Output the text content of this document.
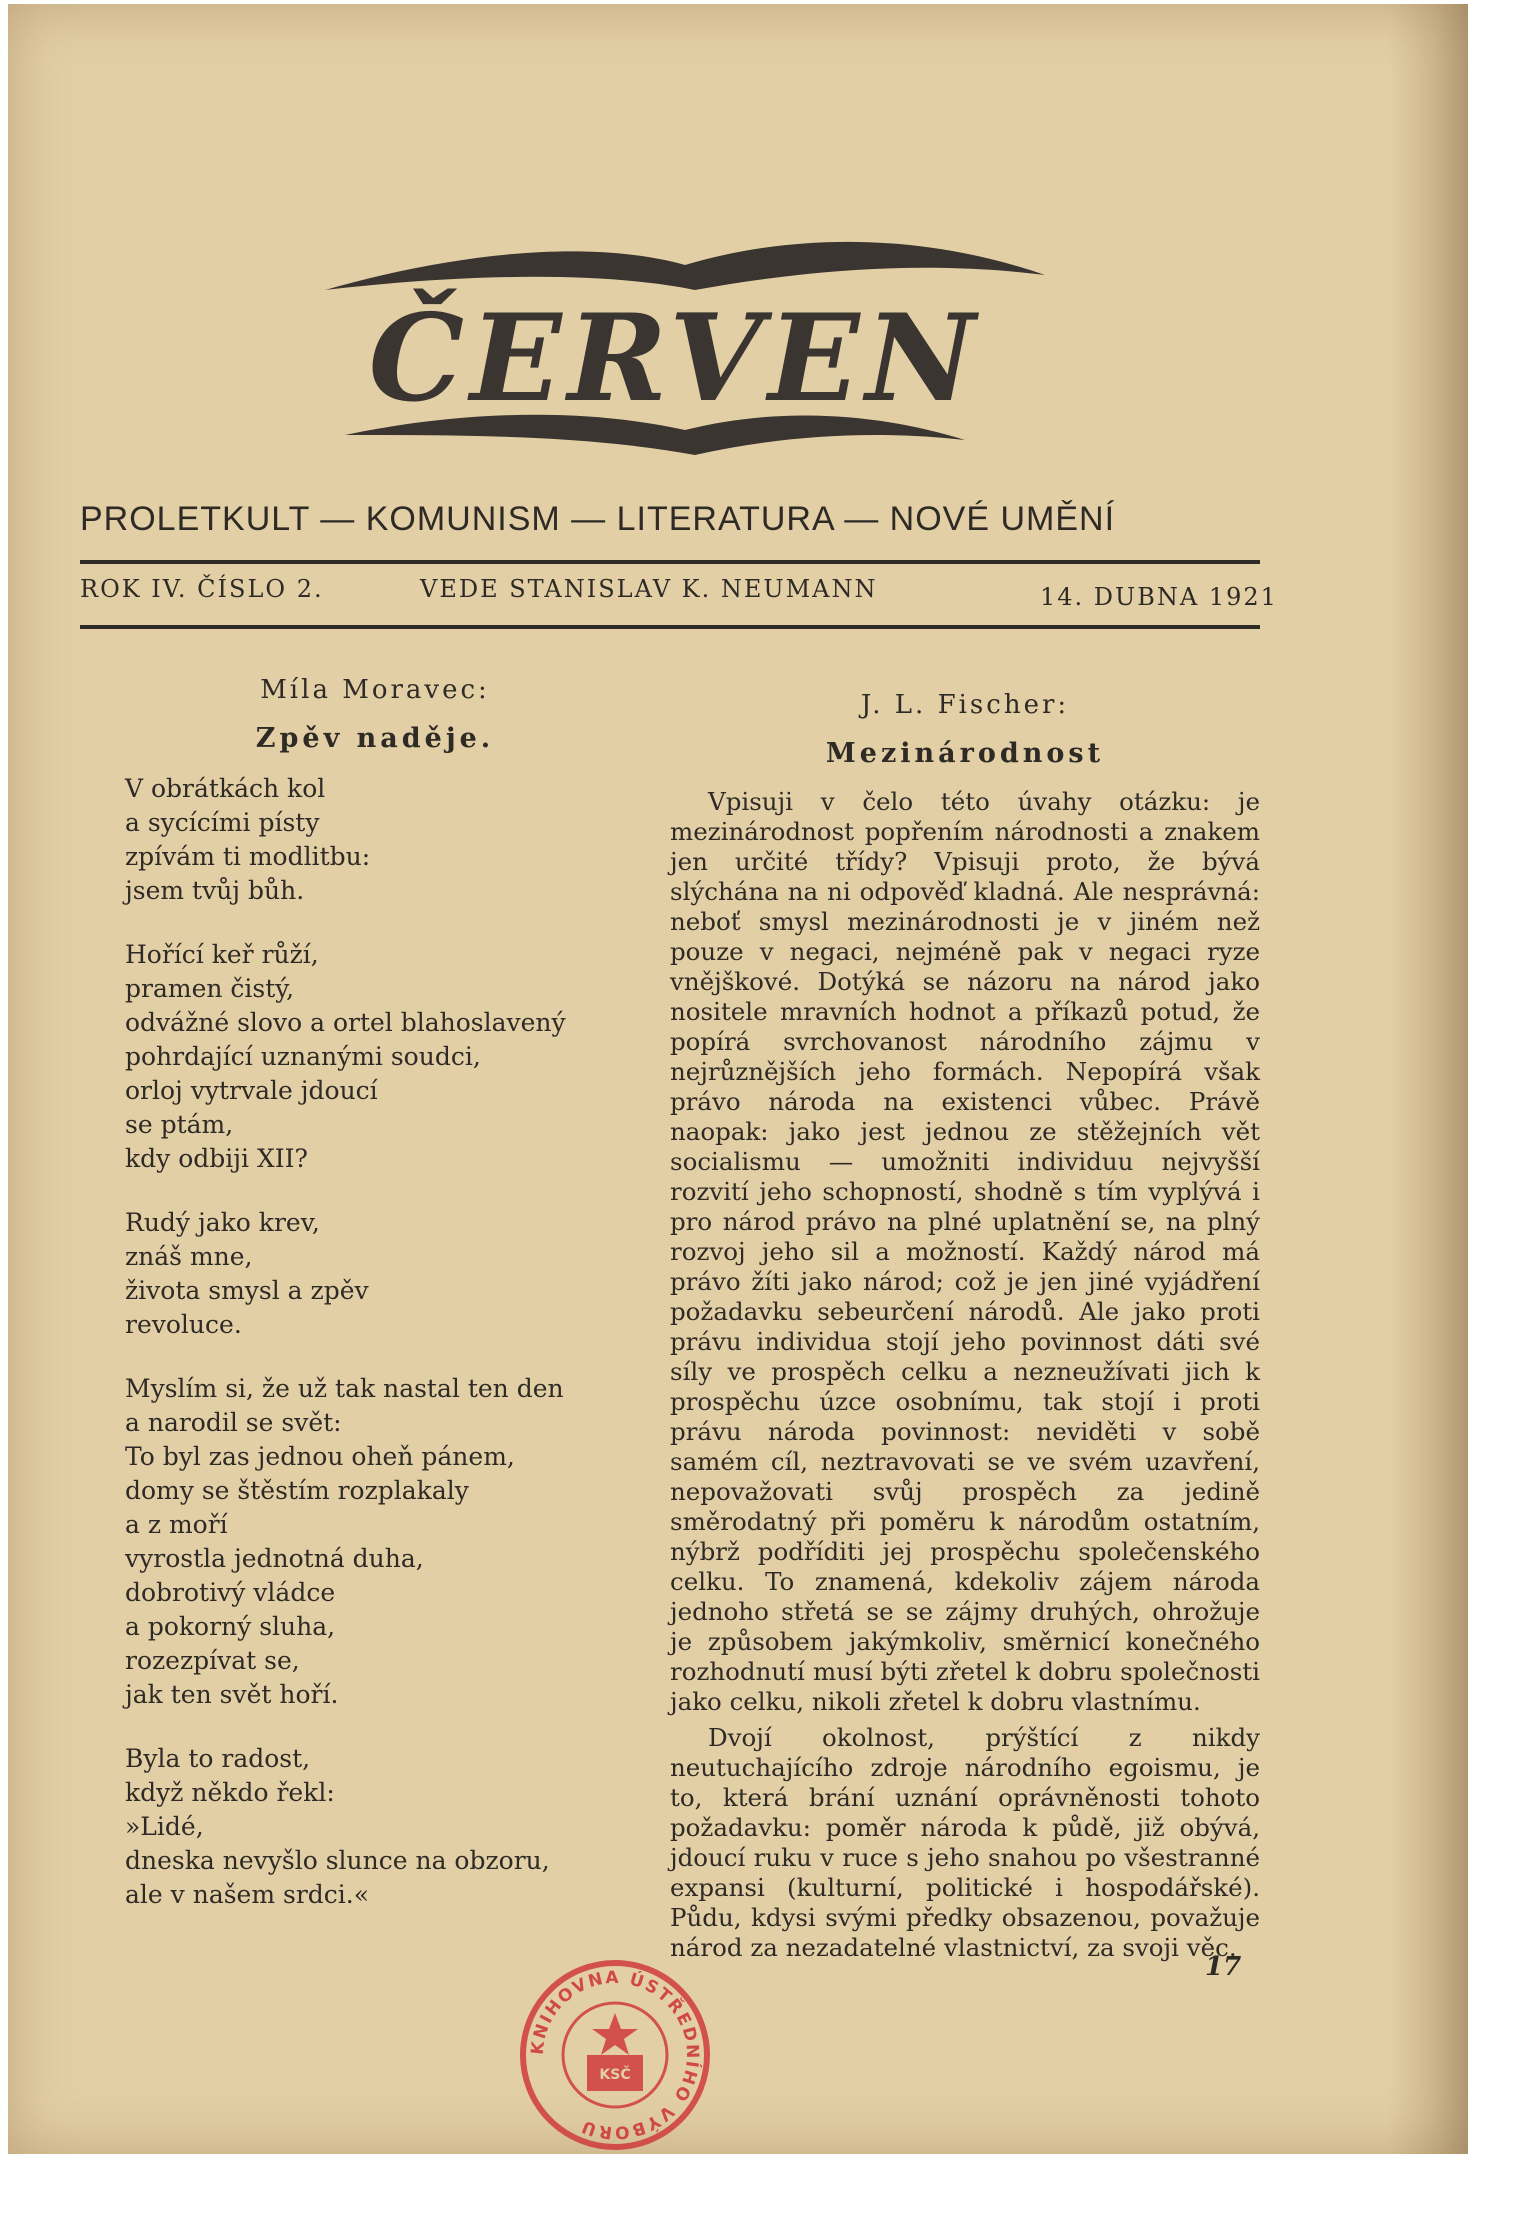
ČERVEN
PROLETKULT — KOMUNISM — LITERATURA — NOVÉ UMĚNÍ
ROK IV. ČÍSLO 2.	VEDE STANISLAV K. NEUMANN	14. DUBNA 1921
Míla Moravec:
Zpěv naděje.
V obrátkách kol
a sycícími písty
zpívám ti modlitbu:
jsem tvůj bůh.
Hořící keř růží,
pramen čistý,
odvážné slovo a ortel blahoslavený
pohrdající uznanými soudci,
orloj vytrvale jdoucí
se ptám,
kdy odbiji XII?
Rudý jako krev,
znáš mne,
života smysl a zpěv
revoluce.
Myslím si, že už tak nastal ten den
a narodil se svět:
To byl zas jednou oheň pánem,
domy se štěstím rozplakaly
a z moří
vyrostla jednotná duha,
dobrotivý vládce
a pokorný sluha,
rozezpívat se,
jak ten svět hoří.
Byla to radost,
když někdo řekl:
»Lidé,
dneska nevyšlo slunce na obzoru,
ale v našem srdci.«
J. L. Fischer:
Mezinárodnost

Vpisuji v čelo této úvahy otázku: je mezinárodnost popřením národnosti a znakem jen určité třídy? Vpisuji proto, že bývá slýchána na ni odpověď kladná. Ale nesprávná: neboť smysl mezinárodnosti je v jiném než pouze v negaci, nejméně pak v negaci ryze vnějškové. Dotýká se názoru na národ jako nositele mravních hodnot a příkazů potud, že popírá svrchovanost národního zájmu v nejrůznějších jeho formách. Nepopírá však právo národa na existenci vůbec. Právě naopak: jako jest jednou ze stěžejních vět socialismu — umožniti individuu nejvyšší rozvití jeho schopností, shodně s tím vyplývá i pro národ právo na plné uplatnění se, na plný rozvoj jeho sil a možností. Každý národ má právo žíti jako národ; což je jen jiné vyjádření požadavku sebeurčení národů. Ale jako proti právu individua stojí jeho povinnost dáti své síly ve prospěch celku a nezneužívati jich k prospěchu úzce osobnímu, tak stojí i proti právu národa povinnost: neviděti v sobě samém cíl, neztravovati se ve svém uzavření, nepovažovati svůj prospěch za jedině směrodatný při poměru k národům ostatním, nýbrž podříditi jej prospěchu společenského celku. To znamená, kdekoliv zájem národa jednoho střetá se se zájmy druhých, ohrožuje je způsobem jakýmkoliv, směrnicí konečného rozhodnutí musí býti zřetel k dobru společnosti jako celku, nikoli zřetel k dobru vlastnímu.

Dvojí okolnost, prýštící z nikdy neutuchajícího zdroje národního egoismu, je to, která brání uznání oprávněnosti tohoto požadavku: poměr národa k půdě, již obývá, jdoucí ruku v ruce s jeho snahou po všestranné expansi (kulturní, politické i hospodářské). Půdu, kdysi svými předky obsazenou, považuje národ za nezadatelné vlastnictví, za svoji věc.

17
KNIHOVNA ÚSTŘEDNÍHO VÝBORU
KSČ
